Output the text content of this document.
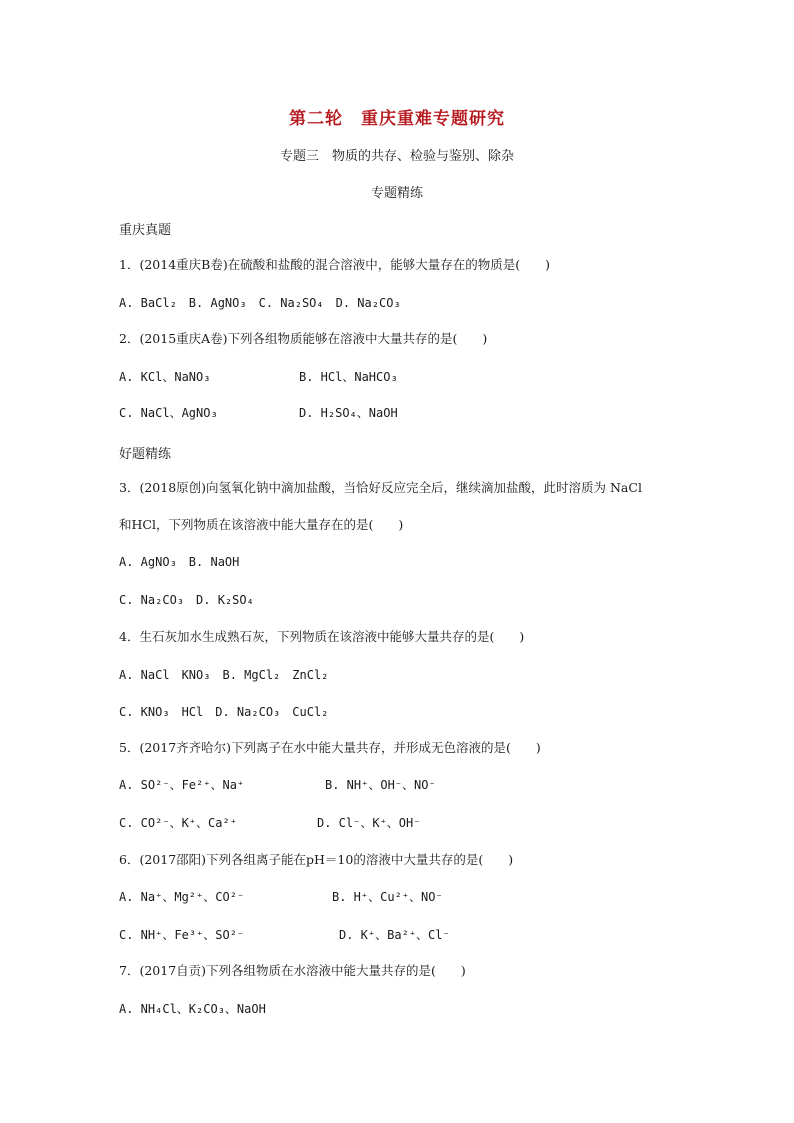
第二轮　重庆重难专题研究
专题三　物质的共存、检验与鉴别、除杂
专题精练
重庆真题
1．(2014重庆B卷)在硫酸和盐酸的混合溶液中，能够大量存在的物质是(　　)
A. BaCl₂　B. AgNO₃　C. Na₂SO₄　D. Na₂CO₃
2．(2015重庆A卷)下列各组物质能够在溶液中大量共存的是(　　)
A. KCl、NaNO₃	B. HCl、NaHCO₃
C. NaCl、AgNO₃	D. H₂SO₄、NaOH
好题精练
3．(2018原创)向氢氧化钠中滴加盐酸，当恰好反应完全后，继续滴加盐酸，此时溶质为 NaCl
和HCl，下列物质在该溶液中能大量存在的是(　　)
A. AgNO₃　B. NaOH
C. Na₂CO₃　D. K₂SO₄
4．生石灰加水生成熟石灰，下列物质在该溶液中能够大量共存的是(　　)
A. NaCl　KNO₃　B. MgCl₂　ZnCl₂
C. KNO₃　HCl　D. Na₂CO₃　CuCl₂
5．(2017齐齐哈尔)下列离子在水中能大量共存，并形成无色溶液的是(　　)
A. SO²⁻、Fe²⁺、Na⁺	B. NH⁺、OH⁻、NO⁻
C. CO²⁻、K⁺、Ca²⁺	D. Cl⁻、K⁺、OH⁻
6．(2017邵阳)下列各组离子能在pH＝10的溶液中大量共存的是(　　)
A. Na⁺、Mg²⁺、CO²⁻	B. H⁺、Cu²⁺、NO⁻
C. NH⁺、Fe³⁺、SO²⁻	D. K⁺、Ba²⁺、Cl⁻
7．(2017自贡)下列各组物质在水溶液中能大量共存的是(　　)
A. NH₄Cl、K₂CO₃、NaOH
